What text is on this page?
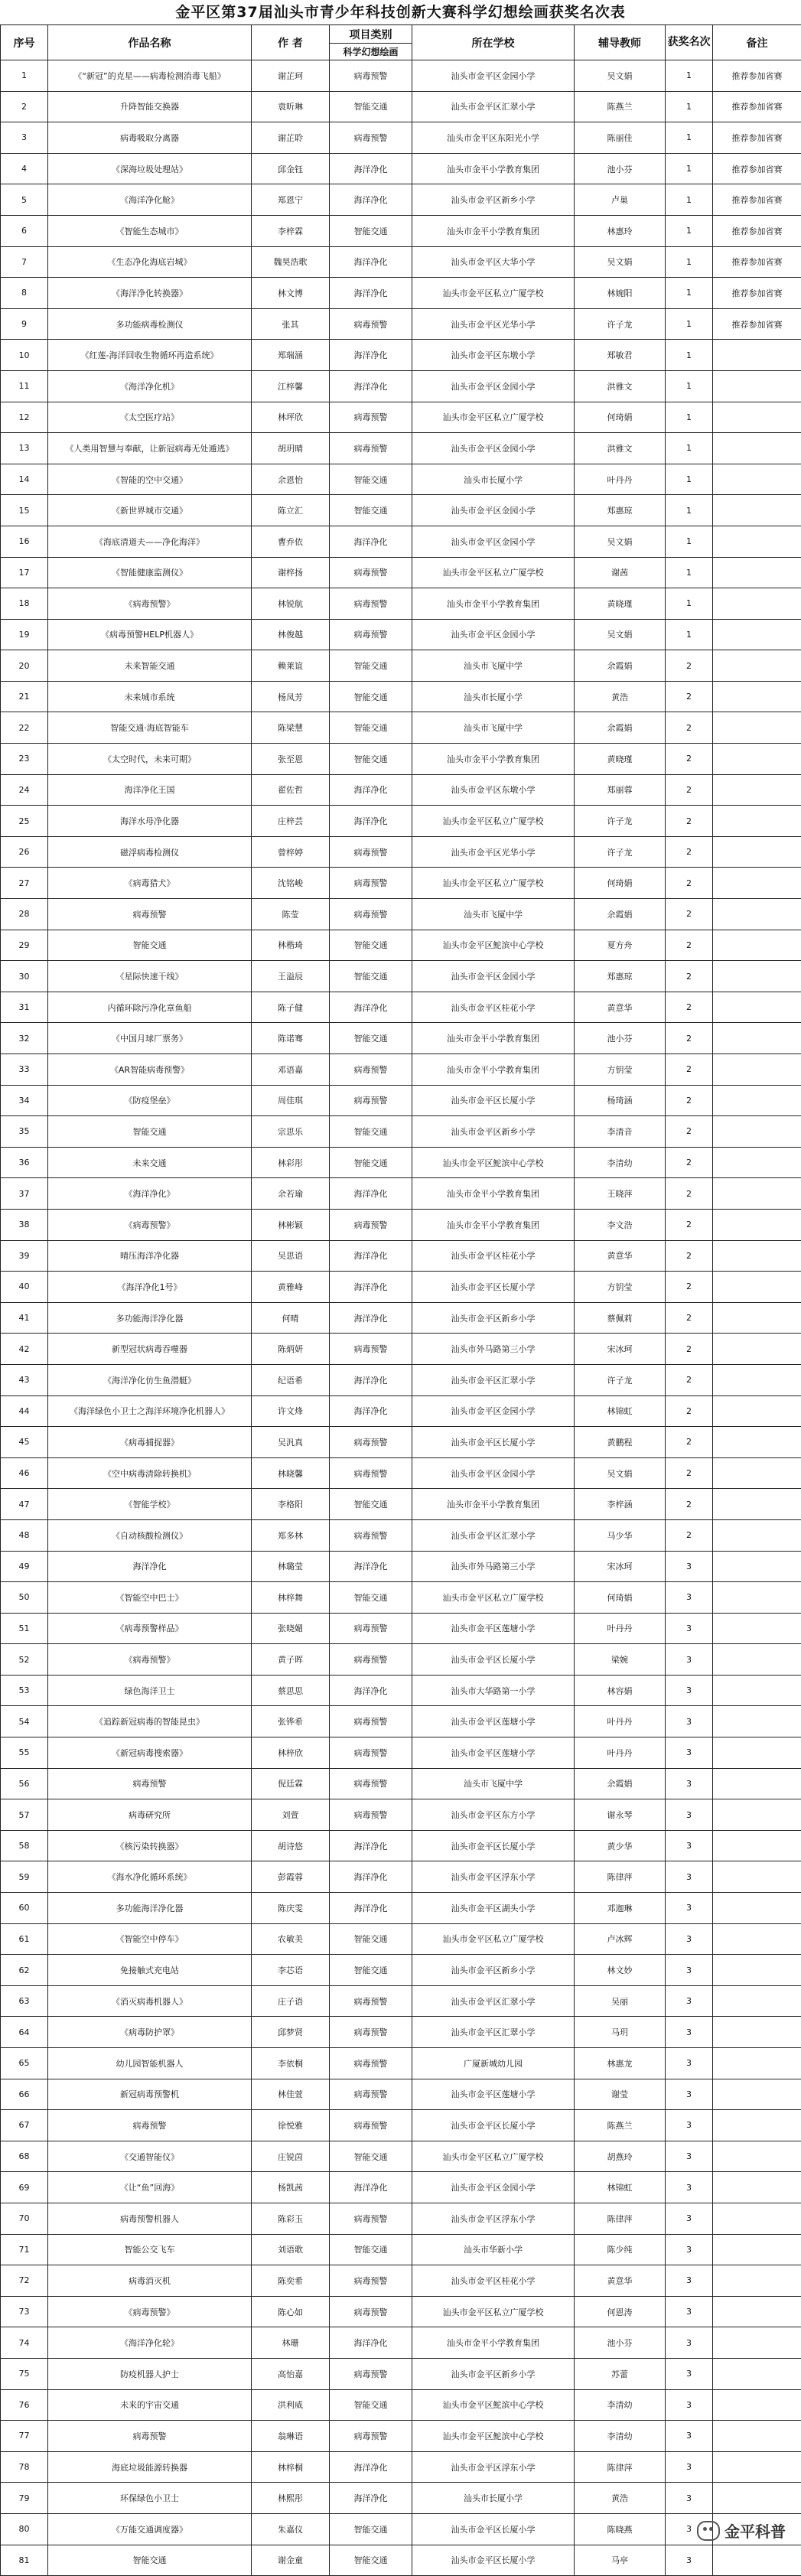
金平区第37届汕头市青少年科技创新大赛科学幻想绘画获奖名次表
序号	作品名称	作 者	项目类别	所在学校	辅导教师	获奖名次	备注
			科学幻想绘画				
1	《“新冠”的克星——病毒检测消毒飞船》	谢芷珂	病毒预警	汕头市金平区金园小学	吴文娟	1	推荐参加省赛
2	升降智能交换器	袁昕琳	智能交通	汕头市金平区汇翠小学	陈燕兰	1	推荐参加省赛
3	病毒吸取分离器	谢芷聆	病毒预警	汕头市金平区东阳光小学	陈丽佳	1	推荐参加省赛
4	《深海垃圾处理站》	邱金钰	海洋净化	汕头市金平小学教育集团	池小芬	1	推荐参加省赛
5	《海洋净化舱》	郑恩宁	海洋净化	汕头市金平区新乡小学	卢巢	1	推荐参加省赛
6	《智能生态城市》	李梓霖	智能交通	汕头市金平小学教育集团	林惠玲	1	推荐参加省赛
7	《生态净化海底岩城》	魏昊浩歌	海洋净化	汕头市金平区大华小学	吴文娟	1	推荐参加省赛
8	《海洋净化转换器》	林文博	海洋净化	汕头市金平区私立广厦学校	林婉阳	1	推荐参加省赛
9	多功能病毒检测仪	张其	病毒预警	汕头市金平区光华小学	许子龙	1	推荐参加省赛
10	《红莲-海洋回收生物循环再造系统》	郑瑞涵	海洋净化	汕头市金平区东墩小学	郑敏君	1	
11	《海洋净化机》	江梓馨	海洋净化	汕头市金平区金园小学	洪雅文	1	
12	《太空医疗站》	林坪欣	病毒预警	汕头市金平区私立广厦学校	何琦娟	1	
13	《人类用智慧与奉献，让新冠病毒无处遁逃》	胡玥晴	病毒预警	汕头市金平区金园小学	洪雅文	1	
14	《智能的空中交通》	余恩怡	智能交通	汕头市长厦小学	叶丹丹	1	
15	《新世界城市交通》	陈立汇	智能交通	汕头市金平区金园小学	郑惠琼	1	
16	《海底清道夫——净化海洋》	曹乔依	海洋净化	汕头市金平区金园小学	吴文娟	1	
17	《智能健康监测仪》	谢梓扬	病毒预警	汕头市金平区私立广厦学校	谢茜	1	
18	《病毒预警》	林锐航	病毒预警	汕头市金平小学教育集团	黄晓瑾	1	
19	《病毒预警HELP机器人》	林俊越	病毒预警	汕头市金平区金园小学	吴文娟	1	
20	未来智能交通	赖莱谊	智能交通	汕头市飞厦中学	余霞娟	2	
21	未来城市系统	杨凤芳	智能交通	汕头市长厦小学	黄浩	2	
22	智能交通·海底智能车	陈梁慧	智能交通	汕头市飞厦中学	余霞娟	2	
23	《太空时代，未来可期》	张至恩	智能交通	汕头市金平小学教育集团	黄晓瑾	2	
24	海洋净化王国	翟佐哲	海洋净化	汕头市金平区东墩小学	郑丽蓉	2	
25	海洋水母净化器	庄梓芸	海洋净化	汕头市金平区私立广厦学校	许子龙	2	
26	磁浮病毒检测仪	曾梓婷	病毒预警	汕头市金平区光华小学	许子龙	2	
27	《病毒猎犬》	沈铭峻	病毒预警	汕头市金平区私立广厦学校	何琦娟	2	
28	病毒预警	陈莹	病毒预警	汕头市飞厦中学	余霞娟	2	
29	智能交通	林楷琦	智能交通	汕头市金平区鮀滨中心学校	夏方舟	2	
30	《星际快速干线》	王溢辰	智能交通	汕头市金平区金园小学	郑惠琼	2	
31	内循环除污净化章鱼船	陈子健	海洋净化	汕头市金平区桂花小学	黄意华	2	
32	《中国月球厂票务》	陈诺骞	智能交通	汕头市金平小学教育集团	池小芬	2	
33	《AR智能病毒预警》	邓语嘉	病毒预警	汕头市金平小学教育集团	方钥莹	2	
34	《防疫堡垒》	周佳琪	病毒预警	汕头市金平区长厦小学	杨琦涵	2	
35	智能交通	宗思乐	智能交通	汕头市金平区新乡小学	李清音	2	
36	未来交通	林彩彤	智能交通	汕头市金平区鮀滨中心学校	李清幼	2	
37	《海洋净化》	余若瑜	海洋净化	汕头市金平小学教育集团	王晓萍	2	
38	《病毒预警》	林彬颖	病毒预警	汕头市金平小学教育集团	李文浩	2	
39	晴压海洋净化器	吴思语	海洋净化	汕头市金平区桂花小学	黄意华	2	
40	《海洋净化1号》	黄雅峰	海洋净化	汕头市金平区长厦小学	方钥莹	2	
41	多功能海洋净化器	何晴	海洋净化	汕头市金平区新乡小学	蔡佩莉	2	
42	新型冠状病毒吞噬器	陈炳妍	病毒预警	汕头市外马路第三小学	宋冰珂	2	
43	《海洋净化仿生鱼潜艇》	纪语希	海洋净化	汕头市金平区汇翠小学	许子龙	2	
44	《海洋绿色小卫士之海洋环境净化机器人》	许文烽	海洋净化	汕头市金平区金园小学	林锦虹	2	
45	《病毒捕捉器》	吴汎真	病毒预警	汕头市金平区长厦小学	黄鹏程	2	
46	《空中病毒清除转换机》	林晓馨	病毒预警	汕头市金平区金园小学	吴文娟	2	
47	《智能学校》	李格阳	智能交通	汕头市金平小学教育集团	李梓涵	2	
48	《自动核酸检测仪》	郑多林	病毒预警	汕头市金平区汇翠小学	马少华	2	
49	海洋净化	林璐莹	海洋净化	汕头市外马路第三小学	宋冰珂	3	
50	《智能空中巴士》	林梓舞	智能交通	汕头市金平区私立广厦学校	何琦娟	3	
51	《病毒预警样品》	张晓媚	病毒预警	汕头市金平区莲塘小学	叶丹丹	3	
52	《病毒预警》	黄子晖	病毒预警	汕头市金平区长厦小学	梁婉	3	
53	绿色海洋卫士	蔡思思	海洋净化	汕头市大华路第一小学	林容娟	3	
54	《追踪新冠病毒的智能昆虫》	张铧希	病毒预警	汕头市金平区莲塘小学	叶丹丹	3	
55	《新冠病毒搜索器》	林梓欣	病毒预警	汕头市金平区莲塘小学	叶丹丹	3	
56	病毒预警	倪廷霖	病毒预警	汕头市飞厦中学	余霞娟	3	
57	病毒研究所	刘萱	病毒预警	汕头市金平区东方小学	谢永琴	3	
58	《核污染转换器》	胡诗悠	海洋净化	汕头市金平区长厦小学	黄少华	3	
59	《海水净化循环系统》	彭霞蓉	海洋净化	汕头市金平区浮东小学	陈律萍	3	
60	多功能海洋净化器	陈庆雯	海洋净化	汕头市金平区湖头小学	邓迦琳	3	
61	《智能空中停车》	农敏美	智能交通	汕头市金平区私立广厦学校	卢冰辉	3	
62	免接触式充电站	李芯语	智能交通	汕头市金平区新乡小学	林文妙	3	
63	《消灭病毒机器人》	庄子语	病毒预警	汕头市金平区汇翠小学	吴丽	3	
64	《病毒防护罩》	邱梦贤	病毒预警	汕头市金平区汇翠小学	马玥	3	
65	幼儿园智能机器人	李依桐	病毒预警	广厦新城幼儿园	林惠龙	3	
66	新冠病毒预警机	林佳萱	病毒预警	汕头市金平区莲塘小学	谢莹	3	
67	病毒预警	徐悦雅	病毒预警	汕头市金平区长厦小学	陈燕兰	3	
68	《交通智能仪》	庄锐茵	智能交通	汕头市金平区私立广厦学校	胡燕玲	3	
69	《让“鱼”回海》	杨凯茜	海洋净化	汕头市金平区金园小学	林锦虹	3	
70	病毒预警机器人	陈彩玉	病毒预警	汕头市金平区浮东小学	陈律萍	3	
71	智能公交飞车	刘语歌	智能交通	汕头市华新小学	陈少纯	3	
72	病毒消灭机	陈奕希	病毒预警	汕头市金平区桂花小学	黄意华	3	
73	《病毒预警》	陈心如	病毒预警	汕头市金平区私立广厦学校	何恩涛	3	
74	《海洋净化轮》	林珊	海洋净化	汕头市金平小学教育集团	池小芬	3	
75	防疫机器人护士	高怡嘉	病毒预警	汕头市金平区新乡小学	苏蕾	3	
76	未来的宇宙交通	洪利威	智能交通	汕头市金平区鮀滨中心学校	李清幼	3	
77	病毒预警	翁琳语	病毒预警	汕头市金平区鮀滨中心学校	李清幼	3	
78	海底垃圾能源转换器	林梓桐	海洋净化	汕头市金平区浮东小学	陈律萍	3	
79	环保绿色小卫士	林熙彤	海洋净化	汕头市长厦小学	黄浩	3	
80	《万能交通调度器》	朱嘉仪	智能交通	汕头市金平区长厦小学	陈晓燕	3	
81	智能交通	谢金童	智能交通	汕头市金平区长厦小学	马亭	3	金平科普
